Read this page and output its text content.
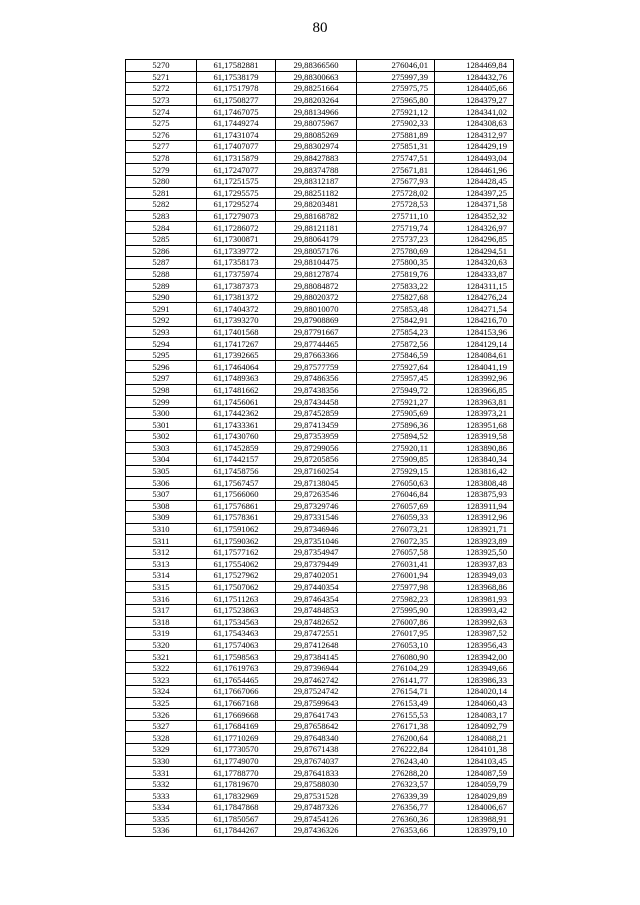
80
5270	61,17582881	29,88366560	276046,01	1284469,84
5271	61,17538179	29,88300663	275997,39	1284432,76
5272	61,17517978	29,88251664	275975,75	1284405,66
5273	61,17508277	29,88203264	275965,80	1284379,27
5274	61,17467075	29,88134966	275921,12	1284341,02
5275	61,17449274	29,88075967	275902,33	1284308,63
5276	61,17431074	29,88085269	275881,89	1284312,97
5277	61,17407077	29,88302974	275851,31	1284429,19
5278	61,17315879	29,88427883	275747,51	1284493,04
5279	61,17247077	29,88374788	275671,81	1284461,96
5280	61,17251575	29,88312187	275677,93	1284428,45
5281	61,17295575	29,88251182	275728,02	1284397,25
5282	61,17295274	29,88203481	275728,53	1284371,58
5283	61,17279073	29,88168782	275711,10	1284352,32
5284	61,17286072	29,88121181	275719,74	1284326,97
5285	61,17300871	29,88064179	275737,23	1284296,85
5286	61,17339772	29,88057176	275780,69	1284294,51
5287	61,17358173	29,88104475	275800,35	1284320,63
5288	61,17375974	29,88127874	275819,76	1284333,87
5289	61,17387373	29,88084872	275833,22	1284311,15
5290	61,17381372	29,88020372	275827,68	1284276,24
5291	61,17404372	29,88010070	275853,48	1284271,54
5292	61,17393270	29,87908869	275842,91	1284216,70
5293	61,17401568	29,87791667	275854,23	1284153,96
5294	61,17417267	29,87744465	275872,56	1284129,14
5295	61,17392665	29,87663366	275846,59	1284084,61
5296	61,17464064	29,87577759	275927,64	1284041,19
5297	61,17489363	29,87486356	275957,45	1283992,96
5298	61,17481662	29,87438356	275949,72	1283966,85
5299	61,17456061	29,87434458	275921,27	1283963,81
5300	61,17442362	29,87452859	275905,69	1283973,21
5301	61,17433361	29,87413459	275896,36	1283951,68
5302	61,17430760	29,87353959	275894,52	1283919,58
5303	61,17452859	29,87299056	275920,11	1283890,86
5304	61,17442157	29,87205856	275909,85	1283840,34
5305	61,17458756	29,87160254	275929,15	1283816,42
5306	61,17567457	29,87138045	276050,63	1283808,48
5307	61,17566060	29,87263546	276046,84	1283875,93
5308	61,17576861	29,87329746	276057,69	1283911,94
5309	61,17578361	29,87331546	276059,33	1283912,96
5310	61,17591062	29,87346946	276073,21	1283921,71
5311	61,17590362	29,87351046	276072,35	1283923,89
5312	61,17577162	29,87354947	276057,58	1283925,50
5313	61,17554062	29,87379449	276031,41	1283937,83
5314	61,17527962	29,87402051	276001,94	1283949,03
5315	61,17507062	29,87440354	275977,98	1283968,86
5316	61,17511263	29,87464354	275982,23	1283981,93
5317	61,17523863	29,87484853	275995,90	1283993,42
5318	61,17534563	29,87482652	276007,86	1283992,63
5319	61,17543463	29,87472551	276017,95	1283987,52
5320	61,17574063	29,87412648	276053,10	1283956,43
5321	61,17598563	29,87384145	276080,90	1283942,00
5322	61,17619763	29,87396944	276104,29	1283949,66
5323	61,17654465	29,87462742	276141,77	1283986,33
5324	61,17667066	29,87524742	276154,71	1284020,14
5325	61,17667168	29,87599643	276153,49	1284060,43
5326	61,17669668	29,87641743	276155,53	1284083,17
5327	61,17684169	29,87658642	276171,38	1284092,79
5328	61,17710269	29,87648340	276200,64	1284088,21
5329	61,17730570	29,87671438	276222,84	1284101,38
5330	61,17749070	29,87674037	276243,40	1284103,45
5331	61,17788770	29,87641833	276288,20	1284087,59
5332	61,17819670	29,87588030	276323,57	1284059,79
5333	61,17832969	29,87531528	276339,39	1284029,89
5334	61,17847868	29,87487326	276356,77	1284006,67
5335	61,17850567	29,87454126	276360,36	1283988,91
5336	61,17844267	29,87436326	276353,66	1283979,10
